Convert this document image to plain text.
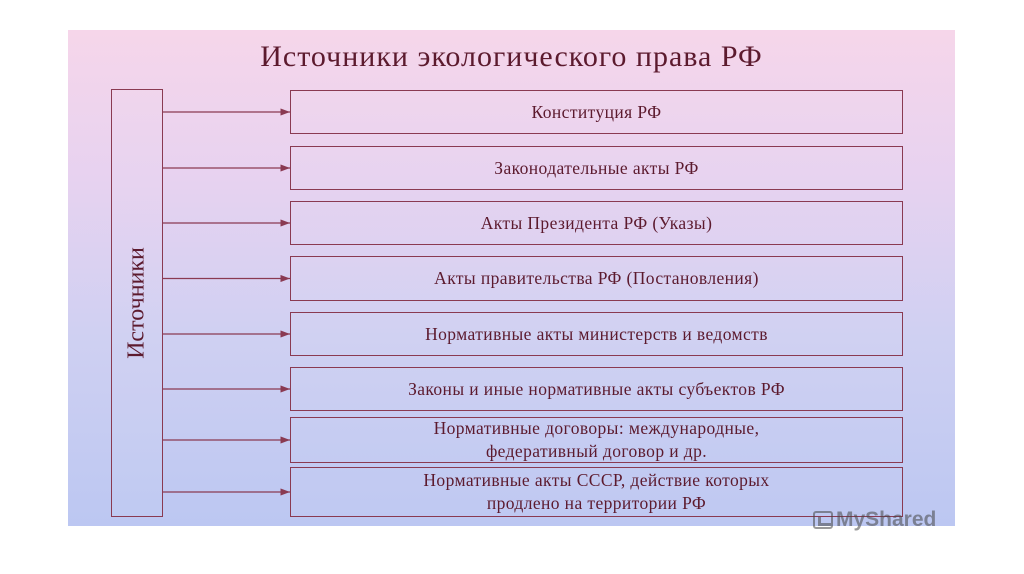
Источники экологического права РФ
Источники
Конституция РФ
Законодательные акты РФ
Акты Президента РФ (Указы)
Акты правительства РФ (Постановления)
Нормативные акты министерств и ведомств
Законы и иные нормативные акты субъектов РФ
Нормативные договоры: международные,
федеративный договор и др.
Нормативные акты СССР, действие которых
продлено на территории РФ
MyShared
